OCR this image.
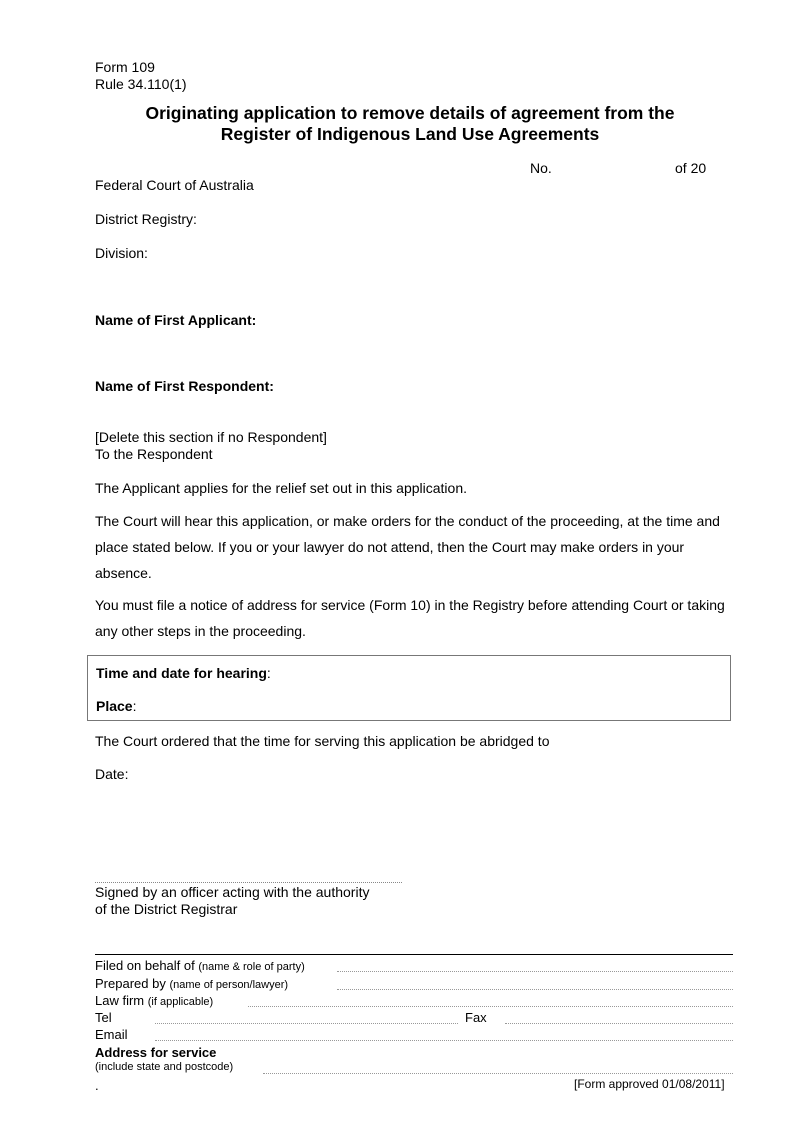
Form 109
Rule 34.110(1)
Originating application to remove details of agreement from the
Register of Indigenous Land Use Agreements
No.	of 20
Federal Court of Australia
District Registry:
Division:
Name of First Applicant:
Name of First Respondent:
[Delete this section if no Respondent]
To the Respondent
The Applicant applies for the relief set out in this application.
The Court will hear this application, or make orders for the conduct of the proceeding, at the time and place stated below. If you or your lawyer do not attend, then the Court may make orders in your absence.
You must file a notice of address for service (Form 10) in the Registry before attending Court or taking any other steps in the proceeding.
Time and date for hearing:
Place:
The Court ordered that the time for serving this application be abridged to
Date:
Signed by an officer acting with the authority
of the District Registrar
Filed on behalf of (name & role of party)
Prepared by (name of person/lawyer)
Law firm (if applicable)
Tel	Fax
Email
Address for service
(include state and postcode)
.	[Form approved 01/08/2011]
